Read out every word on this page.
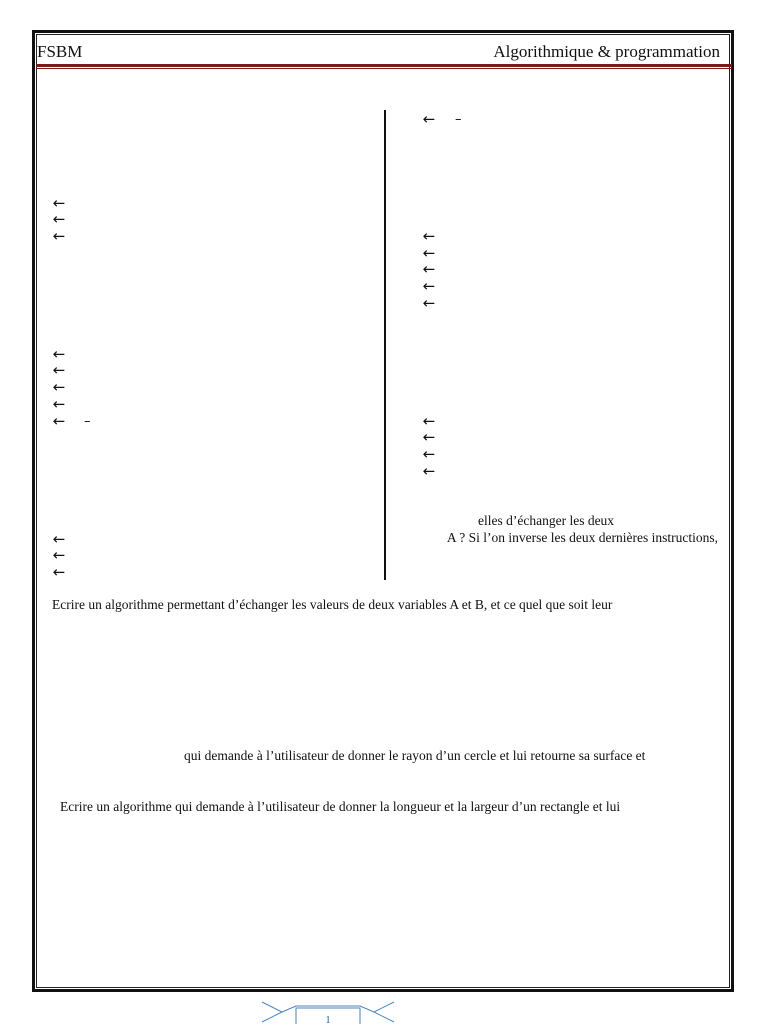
FSBM	Algorithmique & programmation
←
←
←
←
←
←
←
← –
←
←
←
← –
←
←
←
←
←
←
←
←
←
elles d’échanger les deux
A ? Si l’on inverse les deux dernières instructions,
Ecrire un algorithme permettant d’échanger les valeurs de deux variables A et B, et ce quel que soit leur
qui demande à l’utilisateur de donner le rayon d’un cercle et lui retourne sa surface et
Ecrire un algorithme qui demande à l’utilisateur de donner la longueur et la largeur d’un rectangle et lui
1
